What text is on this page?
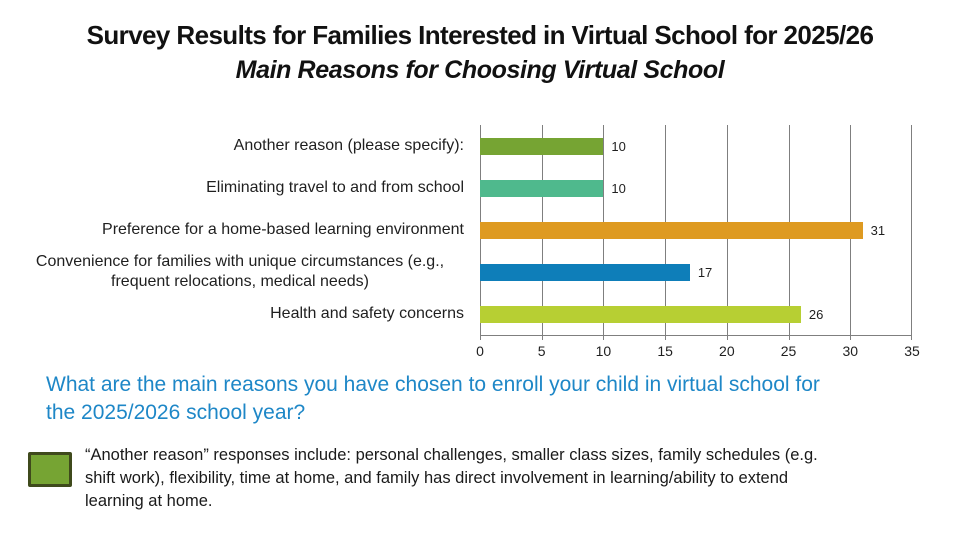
Survey Results for Families Interested in Virtual School for 2025/26
Main Reasons for Choosing Virtual School
Another reason (please specify):
Eliminating travel to and from school
Preference for a home-based learning environment
Convenience for families with unique circumstances (e.g., frequent relocations, medical needs)
Health and safety concerns
10
10
31
17
26
0	5	10	15	20	25	30	35
What are the main reasons you have chosen to enroll your child in virtual school for
the 2025/2026 school year?
“Another reason” responses include: personal challenges, smaller class sizes, family schedules (e.g.
shift work), flexibility, time at home, and family has direct involvement in learning/ability to extend
learning at home.
